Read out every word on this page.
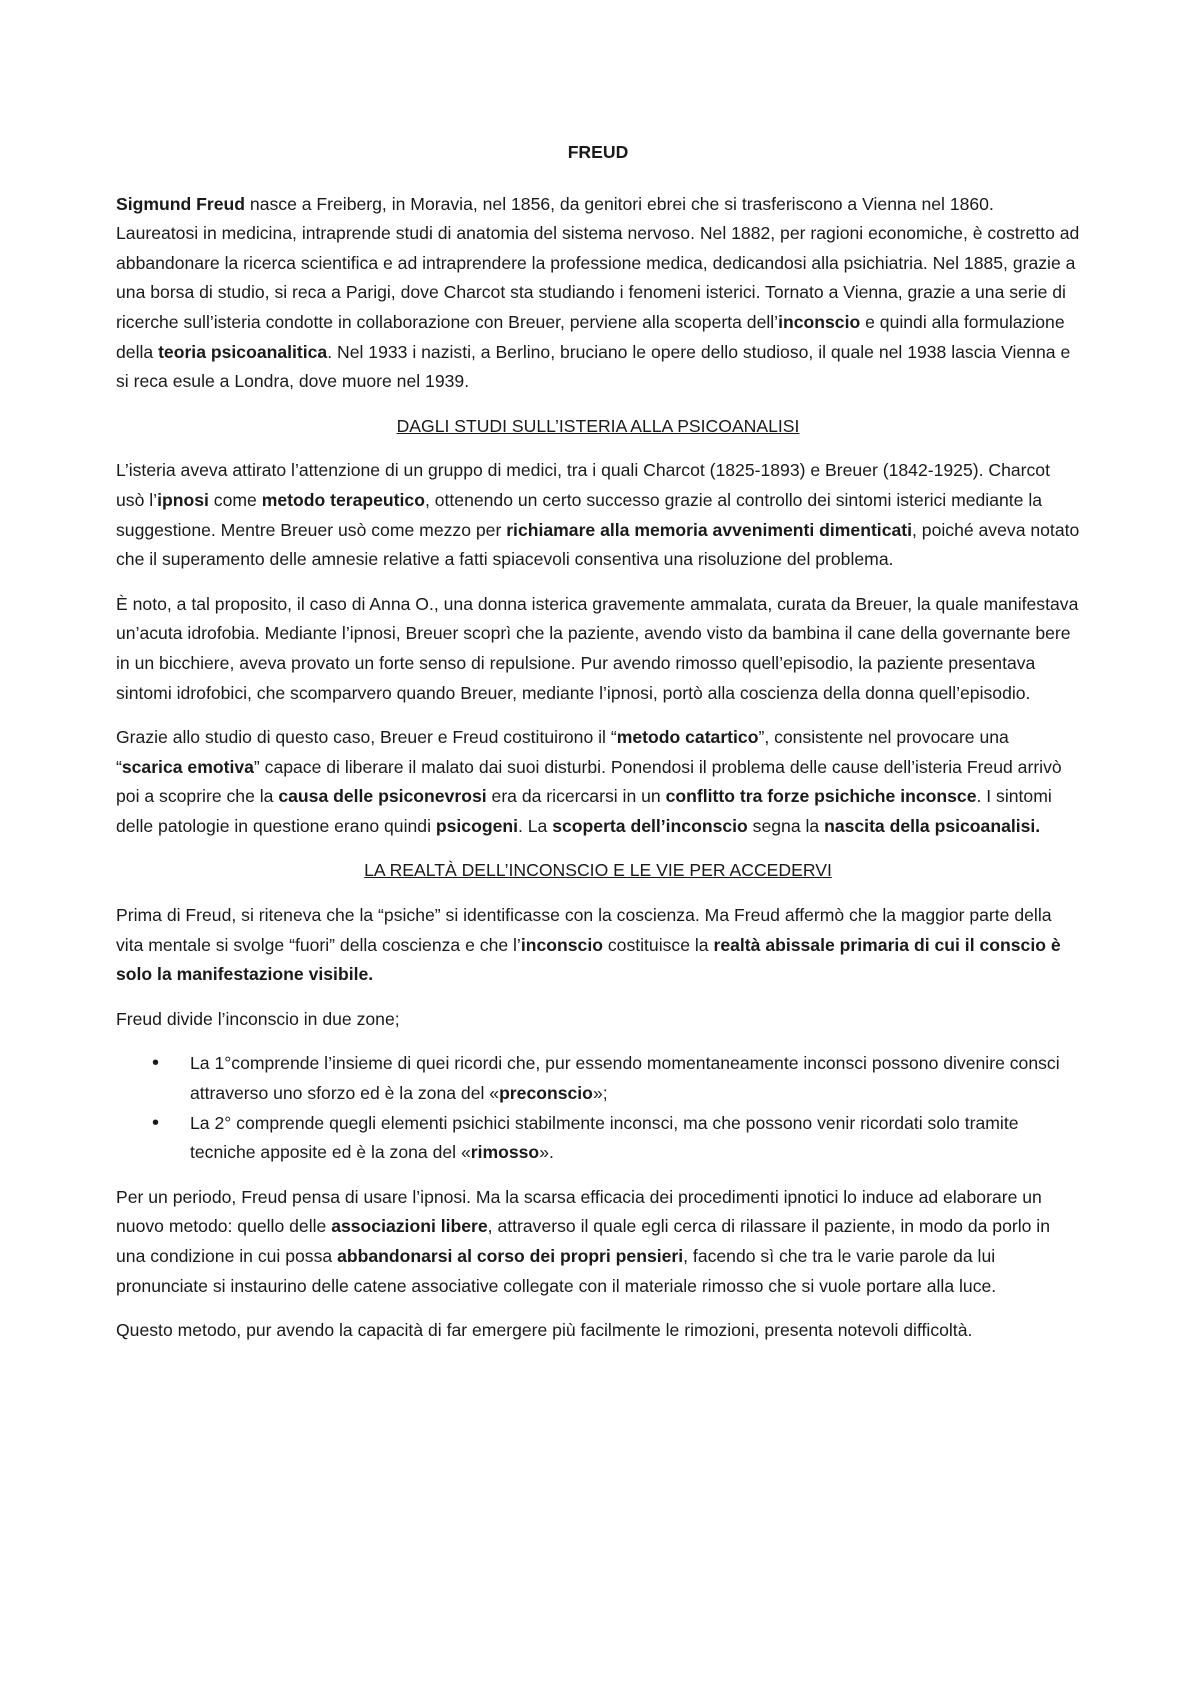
FREUD

Sigmund Freud nasce a Freiberg, in Moravia, nel 1856, da genitori ebrei che si trasferiscono a Vienna nel 1860. Laureatosi in medicina, intraprende studi di anatomia del sistema nervoso. Nel 1882, per ragioni economiche, è costretto ad abbandonare la ricerca scientifica e ad intraprendere la professione medica, dedicandosi alla psichiatria. Nel 1885, grazie a una borsa di studio, si reca a Parigi, dove Charcot sta studiando i fenomeni isterici. Tornato a Vienna, grazie a una serie di ricerche sull’isteria condotte in collaborazione con Breuer, perviene alla scoperta dell’inconscio e quindi alla formulazione della teoria psicoanalitica. Nel 1933 i nazisti, a Berlino, bruciano le opere dello studioso, il quale nel 1938 lascia Vienna e si reca esule a Londra, dove muore nel 1939.

DAGLI STUDI SULL’ISTERIA ALLA PSICOANALISI

L’isteria aveva attirato l’attenzione di un gruppo di medici, tra i quali Charcot (1825-1893) e Breuer (1842-1925). Charcot usò l’ipnosi come metodo terapeutico, ottenendo un certo successo grazie al controllo dei sintomi isterici mediante la suggestione. Mentre Breuer usò come mezzo per richiamare alla memoria avvenimenti dimenticati, poiché aveva notato che il superamento delle amnesie relative a fatti spiacevoli consentiva una risoluzione del problema.

È noto, a tal proposito, il caso di Anna O., una donna isterica gravemente ammalata, curata da Breuer, la quale manifestava un’acuta idrofobia. Mediante l’ipnosi, Breuer scoprì che la paziente, avendo visto da bambina il cane della governante bere in un bicchiere, aveva provato un forte senso di repulsione. Pur avendo rimosso quell’episodio, la paziente presentava sintomi idrofobici, che scomparvero quando Breuer, mediante l’ipnosi, portò alla coscienza della donna quell’episodio.

Grazie allo studio di questo caso, Breuer e Freud costituirono il “metodo catartico”, consistente nel provocare una “scarica emotiva” capace di liberare il malato dai suoi disturbi. Ponendosi il problema delle cause dell’isteria Freud arrivò poi a scoprire che la causa delle psiconevrosi era da ricercarsi in un conflitto tra forze psichiche inconsce. I sintomi delle patologie in questione erano quindi psicogeni. La scoperta dell’inconscio segna la nascita della psicoanalisi.

LA REALTÀ DELL’INCONSCIO E LE VIE PER ACCEDERVI

Prima di Freud, si riteneva che la “psiche” si identificasse con la coscienza. Ma Freud affermò che la maggior parte della vita mentale si svolge “fuori” della coscienza e che l’inconscio costituisce la realtà abissale primaria di cui il conscio è solo la manifestazione visibile.

Freud divide l’inconscio in due zone;

• La 1°comprende l’insieme di quei ricordi che, pur essendo momentaneamente inconsci possono divenire consci attraverso uno sforzo ed è la zona del «preconscio»;
• La 2° comprende quegli elementi psichici stabilmente inconsci, ma che possono venir ricordati solo tramite tecniche apposite ed è la zona del «rimosso».

Per un periodo, Freud pensa di usare l’ipnosi. Ma la scarsa efficacia dei procedimenti ipnotici lo induce ad elaborare un nuovo metodo: quello delle associazioni libere, attraverso il quale egli cerca di rilassare il paziente, in modo da porlo in una condizione in cui possa abbandonarsi al corso dei propri pensieri, facendo sì che tra le varie parole da lui pronunciate si instaurino delle catene associative collegate con il materiale rimosso che si vuole portare alla luce.

Questo metodo, pur avendo la capacità di far emergere più facilmente le rimozioni, presenta notevoli difficoltà.
